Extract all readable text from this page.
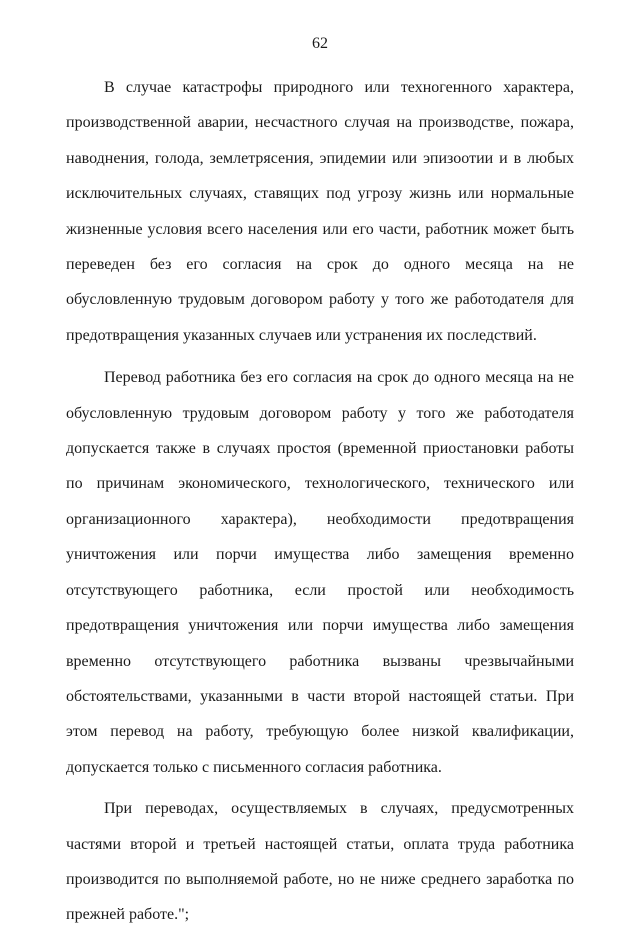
62

В случае катастрофы природного или техногенного характера, производственной аварии, несчастного случая на производстве, пожара, наводнения, голода, землетрясения, эпидемии или эпизоотии и в любых исключительных случаях, ставящих под угрозу жизнь или нормальные жизненные условия всего населения или его части, работник может быть переведен без его согласия на срок до одного месяца на не обусловленную трудовым договором работу у того же работодателя для предотвращения указанных случаев или устранения их последствий.

Перевод работника без его согласия на срок до одного месяца на не обусловленную трудовым договором работу у того же работодателя допускается также в случаях простоя (временной приостановки работы по причинам экономического, технологического, технического или организационного характера), необходимости предотвращения уничтожения или порчи имущества либо замещения временно отсутствующего работника, если простой или необходимость предотвращения уничтожения или порчи имущества либо замещения временно отсутствующего работника вызваны чрезвычайными обстоятельствами, указанными в части второй настоящей статьи. При этом перевод на работу, требующую более низкой квалификации, допускается только с письменного согласия работника.

При переводах, осуществляемых в случаях, предусмотренных частями второй и третьей настоящей статьи, оплата труда работника производится по выполняемой работе, но не ниже среднего заработка по прежней работе.";
